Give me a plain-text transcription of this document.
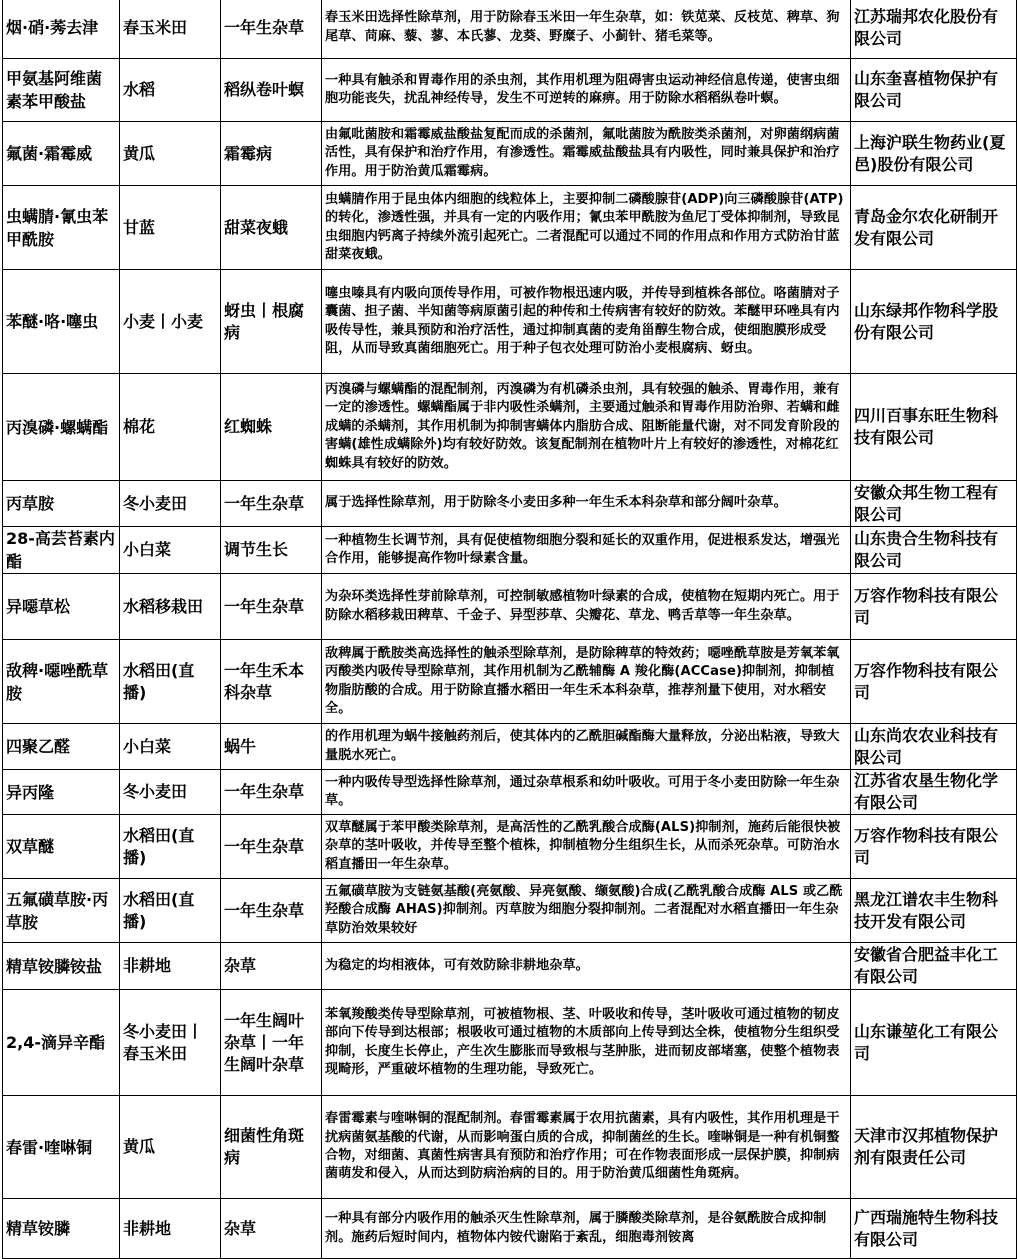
烟·硝·莠去津	春玉米田	一年生杂草	春玉米田选择性除草剂，用于防除春玉米田一年生杂草，如：铁苋菜、反枝苋、稗草、狗尾草、苘麻、藜、蓼、本氏蓼、龙葵、野糜子、小蓟针、猪毛菜等。	江苏瑞邦农化股份有限公司
甲氨基阿维菌素苯甲酸盐	水稻	稻纵卷叶螟	一种具有触杀和胃毒作用的杀虫剂，其作用机理为阻碍害虫运动神经信息传递，使害虫细胞功能丧失，扰乱神经传导，发生不可逆转的麻痹。用于防除水稻稻纵卷叶螟。	山东奎喜植物保护有限公司
氟菌·霜霉威	黄瓜	霜霉病	由氟吡菌胺和霜霉威盐酸盐复配而成的杀菌剂，氟吡菌胺为酰胺类杀菌剂，对卵菌纲病菌活性，具有保护和治疗作用，有渗透性。霜霉威盐酸盐具有内吸性，同时兼具保护和治疗作用。用于防治黄瓜霜霉病。	上海沪联生物药业(夏邑)股份有限公司
虫螨腈·氰虫苯甲酰胺	甘蓝	甜菜夜蛾	虫螨腈作用于昆虫体内细胞的线粒体上，主要抑制二磷酸腺苷(ADP)向三磷酸腺苷(ATP)的转化，渗透性强，并具有一定的内吸作用；氰虫苯甲酰胺为鱼尼丁受体抑制剂，导致昆虫细胞内钙离子持续外流引起死亡。二者混配可以通过不同的作用点和作用方式防治甘蓝甜菜夜蛾。	青岛金尔农化研制开发有限公司
苯醚·咯·噻虫	小麦丨小麦	蚜虫丨根腐病	噻虫嗪具有内吸向顶传导作用，可被作物根迅速内吸，并传导到植株各部位。咯菌腈对子囊菌、担子菌、半知菌等病原菌引起的种传和土传病害有较好的防效。苯醚甲环唑具有内吸传导性，兼具预防和治疗活性，通过抑制真菌的麦角甾醇生物合成，使细胞膜形成受阻，从而导致真菌细胞死亡。用于种子包衣处理可防治小麦根腐病、蚜虫。	山东绿邦作物科学股份有限公司
丙溴磷·螺螨酯	棉花	红蜘蛛	丙溴磷与螺螨酯的混配制剂，丙溴磷为有机磷杀虫剂，具有较强的触杀、胃毒作用，兼有一定的渗透性。螺螨酯属于非内吸性杀螨剂，主要通过触杀和胃毒作用防治卵、若螨和雌成螨的杀螨剂，其作用机制为抑制害螨体内脂肪合成、阻断能量代谢，对不同发育阶段的害螨(雄性成螨除外)均有较好防效。该复配制剂在植物叶片上有较好的渗透性，对棉花红蜘蛛具有较好的防效。	四川百事东旺生物科技有限公司
丙草胺	冬小麦田	一年生杂草	属于选择性除草剂，用于防除冬小麦田多种一年生禾本科杂草和部分阔叶杂草。	安徽众邦生物工程有限公司
28-高芸苔素内酯	小白菜	调节生长	一种植物生长调节剂，具有促使植物细胞分裂和延长的双重作用，促进根系发达，增强光合作用，能够提高作物叶绿素含量。	山东贵合生物科技有限公司
异噁草松	水稻移栽田	一年生杂草	为杂环类选择性芽前除草剂，可控制敏感植物叶绿素的合成，使植物在短期内死亡。用于防除水稻移栽田稗草、千金子、异型莎草、尖瓣花、草龙、鸭舌草等一年生杂草。	万容作物科技有限公司
敌稗·噁唑酰草胺	水稻田(直播)	一年生禾本科杂草	敌稗属于酰胺类高选择性的触杀型除草剂，是防除稗草的特效药；噁唑酰草胺是芳氧苯氧丙酸类内吸传导型除草剂，其作用机制为乙酰辅酶 A 羧化酶(ACCase)抑制剂，抑制植物脂肪酸的合成。用于防除直播水稻田一年生禾本科杂草，推荐剂量下使用，对水稻安全。	万容作物科技有限公司
四聚乙醛	小白菜	蜗牛	的作用机理为蜗牛接触药剂后，使其体内的乙酰胆碱酯酶大量释放，分泌出粘液，导致大量脱水死亡。	山东尚农农业科技有限公司
异丙隆	冬小麦田	一年生杂草	一种内吸传导型选择性除草剂，通过杂草根系和幼叶吸收。可用于冬小麦田防除一年生杂草。	江苏省农垦生物化学有限公司
双草醚	水稻田(直播)	一年生杂草	双草醚属于苯甲酸类除草剂，是高活性的乙酰乳酸合成酶(ALS)抑制剂，施药后能很快被杂草的茎叶吸收，并传导至整个植株，抑制植物分生组织生长，从而杀死杂草。可防治水稻直播田一年生杂草。	万容作物科技有限公司
五氟磺草胺·丙草胺	水稻田(直播)	一年生杂草	五氟磺草胺为支链氨基酸(亮氨酸、异亮氨酸、缬氨酸)合成(乙酰乳酸合成酶 ALS 或乙酰羟酸合成酶 AHAS)抑制剂。丙草胺为细胞分裂抑制剂。二者混配对水稻直播田一年生杂草防治效果较好	黑龙江谱农丰生物科技开发有限公司
精草铵膦铵盐	非耕地	杂草	为稳定的均相液体，可有效防除非耕地杂草。	安徽省合肥益丰化工有限公司
2,4-滴异辛酯	冬小麦田丨春玉米田	一年生阔叶杂草丨一年生阔叶杂草	苯氧羧酸类传导型除草剂，可被植物根、茎、叶吸收和传导，茎叶吸收可通过植物的韧皮部向下传导到达根部；根吸收可通过植物的木质部向上传导到达全株，使植物分生组织受抑制，长度生长停止，产生次生膨胀而导致根与茎肿胀，进而韧皮部堵塞，使整个植物表现畸形，严重破坏植物的生理功能，导致死亡。	山东谦堃化工有限公司
春雷·喹啉铜	黄瓜	细菌性角斑病	春雷霉素与喹啉铜的混配制剂。春雷霉素属于农用抗菌素，具有内吸性，其作用机理是干扰病菌氨基酸的代谢，从而影响蛋白质的合成，抑制菌丝的生长。喹啉铜是一种有机铜螯合物，对细菌、真菌性病害具有预防和治疗作用；可在作物表面形成一层保护膜，抑制病菌萌发和侵入，从而达到防病治病的目的。用于防治黄瓜细菌性角斑病。	天津市汉邦植物保护剂有限责任公司
精草铵膦	非耕地	杂草	一种具有部分内吸作用的触杀灭生性除草剂，属于膦酸类除草剂，是谷氨酰胺合成抑制剂。施药后短时间内，植物体内铵代谢陷于紊乱，细胞毒剂铵离	广西瑞施特生物科技有限公司
